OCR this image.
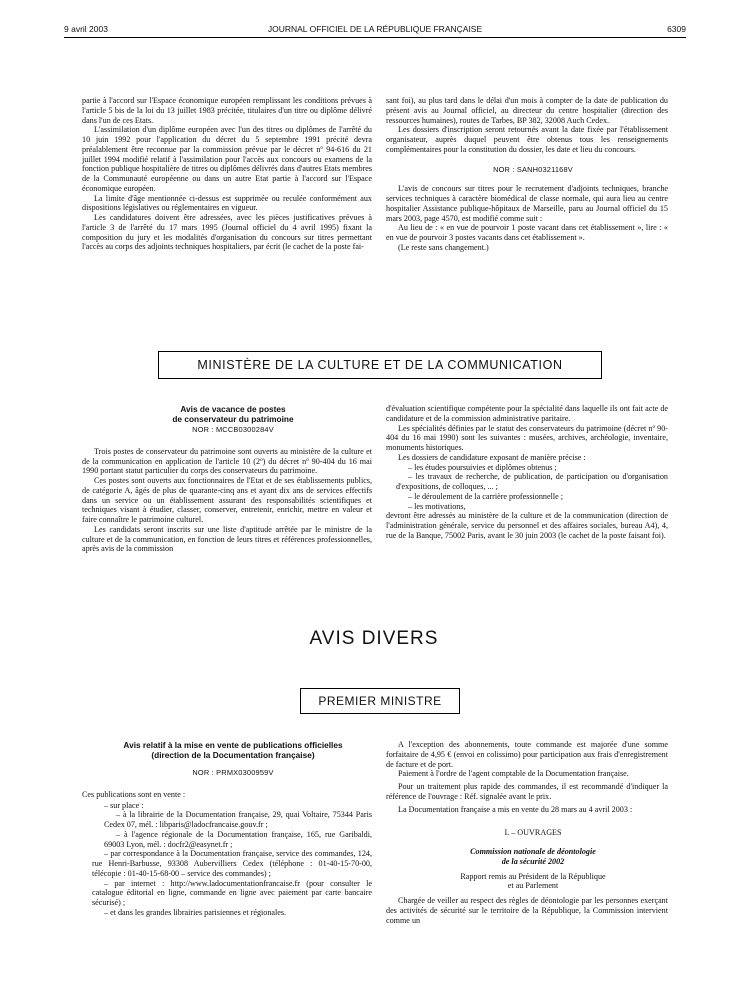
9 avril 2003	JOURNAL OFFICIEL DE LA RÉPUBLIQUE FRANÇAISE	6309

partie à l'accord sur l'Espace économique européen remplissant les conditions prévues à l'article 5 bis de la loi du 13 juillet 1983 précitée, titulaires d'un titre ou diplôme délivré dans l'un de ces Etats.

L'assimilation d'un diplôme européen avec l'un des titres ou diplômes de l'arrêté du 10 juin 1992 pour l'application du décret du 5 septembre 1991 précité devra préalablement être reconnue par la commission prévue par le décret nº 94-616 du 21 juillet 1994 modifié relatif à l'assimilation pour l'accès aux concours ou examens de la fonction publique hospitalière de titres ou diplômes délivrés dans d'autres Etats membres de la Communauté européenne ou dans un autre Etat partie à l'accord sur l'Espace économique européen.

La limite d'âge mentionnée ci-dessus est supprimée ou reculée conformément aux dispositions législatives ou réglementaires en vigueur.

Les candidatures doivent être adressées, avec les pièces justificatives prévues à l'article 3 de l'arrêté du 17 mars 1995 (Journal officiel du 4 avril 1995) fixant la composition du jury et les modalités d'organisation du concours sur titres permettant l'accès au corps des adjoints techniques hospitaliers, par écrit (le cachet de la poste fai-

sant foi), au plus tard dans le délai d'un mois à compter de la date de publication du présent avis au Journal officiel, au directeur du centre hospitalier (direction des ressources humaines), routes de Tarbes, BP 382, 32008 Auch Cedex.

Les dossiers d'inscription seront retournés avant la date fixée par l'établissement organisateur, auprès duquel peuvent être obtenus tous les renseignements complémentaires pour la constitution du dossier, les date et lieu du concours.

NOR : SANH0321168V

L'avis de concours sur titres pour le recrutement d'adjoints techniques, branche services techniques à caractère biomédical de classe normale, qui aura lieu au centre hospitalier Assistance publique-hôpitaux de Marseille, paru au Journal officiel du 15 mars 2003, page 4570, est modifié comme suit :

Au lieu de : « en vue de pourvoir 1 poste vacant dans cet établissement », lire : « en vue de pourvoir 3 postes vacants dans cet établissement ».

(Le reste sans changement.)

MINISTÈRE DE LA CULTURE ET DE LA COMMUNICATION

Avis de vacance de postes

de conservateur du patrimoine

NOR : MCCB0300284V

Trois postes de conservateur du patrimoine sont ouverts au ministère de la culture et de la communication en application de l'article 10 (2º) du décret nº 90-404 du 16 mai 1990 portant statut particulier du corps des conservateurs du patrimoine.

Ces postes sont ouverts aux fonctionnaires de l'Etat et de ses établissements publics, de catégorie A, âgés de plus de quarante-cinq ans et ayant dix ans de services effectifs dans un service ou un établissement assurant des responsabilités scientifiques et techniques visant à étudier, classer, conserver, entretenir, enrichir, mettre en valeur et faire connaître le patrimoine culturel.

Les candidats seront inscrits sur une liste d'aptitude arrêtée par le ministre de la culture et de la communication, en fonction de leurs titres et références professionnelles, après avis de la commission

d'évaluation scientifique compétente pour la spécialité dans laquelle ils ont fait acte de candidature et de la commission administrative paritaire.

Les spécialités définies par le statut des conservateurs du patrimoine (décret nº 90-404 du 16 mai 1990) sont les suivantes : musées, archives, archéologie, inventaire, monuments historiques.

Les dossiers de candidature exposant de manière précise :

– les études poursuivies et diplômes obtenus ;

– les travaux de recherche, de publication, de participation ou d'organisation d'expositions, de colloques, ... ;

– le déroulement de la carrière professionnelle ;

– les motivations,

devront être adressés au ministère de la culture et de la communication (direction de l'administration générale, service du personnel et des affaires sociales, bureau A4), 4, rue de la Banque, 75002 Paris, avant le 30 juin 2003 (le cachet de la poste faisant foi).

AVIS DIVERS
PREMIER MINISTRE

Avis relatif à la mise en vente de publications officielles

(direction de la Documentation française)

NOR : PRMX0300959V

Ces publications sont en vente :

– sur place :

– à la librairie de la Documentation française, 29, quai Voltaire, 75344 Paris Cedex 07, mél. : libparis@ladocfrancaise.gouv.fr ;

– à l'agence régionale de la Documentation française, 165, rue Garibaldi, 69003 Lyon, mél. : docfr2@easynet.fr ;

– par correspondance à la Documentation française, service des commandes, 124, rue Henri-Barbusse, 93308 Aubervilliers Cedex (téléphone : 01-40-15-70-00, télécopie : 01-40-15-68-00 – service des commandes) ;

– par internet : http://www.ladocumentationfrancaise.fr (pour consulter le catalogue éditorial en ligne, commande en ligne avec paiement par carte bancaire sécurisé) ;

– et dans les grandes librairies parisiennes et régionales.

A l'exception des abonnements, toute commande est majorée d'une somme forfaitaire de 4,95 € (envoi en colissimo) pour participation aux frais d'enregistrement de facture et de port.

Paiement à l'ordre de l'agent comptable de la Documentation française.

Pour un traitement plus rapide des commandes, il est recommandé d'indiquer la référence de l'ouvrage : Réf. signalée avant le prix.

La Documentation française a mis en vente du 28 mars au 4 avril 2003 :

I. – OUVRAGES

Commission nationale de déontologie

de la sécurité 2002

Rapport remis au Président de la République

et au Parlement

Chargée de veiller au respect des règles de déontologie par les personnes exerçant des activités de sécurité sur le territoire de la République, la Commission intervient comme un
